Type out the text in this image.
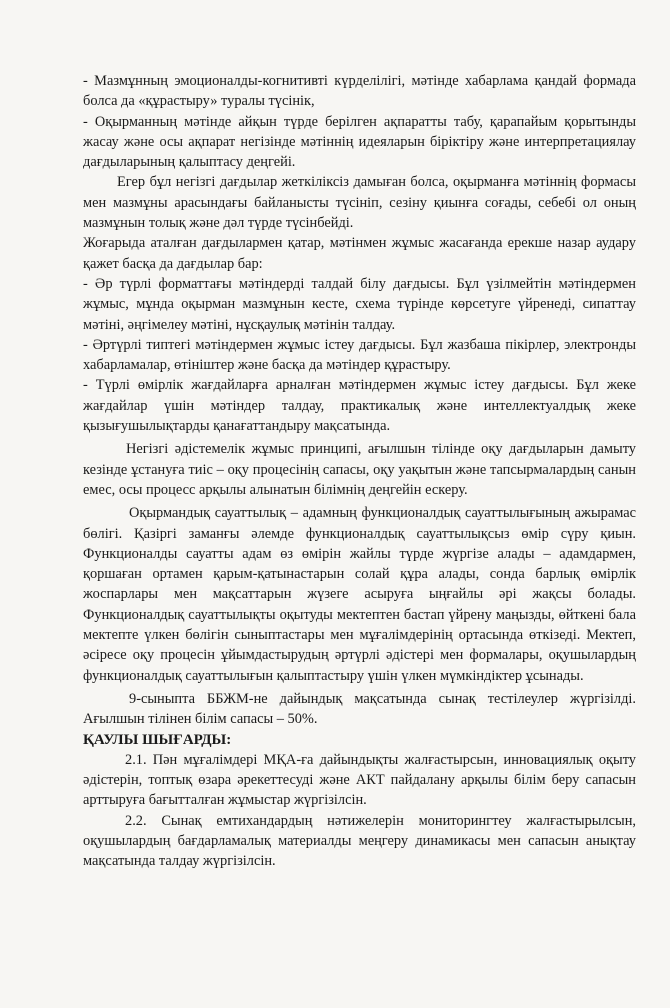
- Мазмұнның эмоционалды-когнитивті күрделілігі, мәтінде хабарлама қандай формада болса да «құрастыру» туралы түсінік,

- Оқырманның мәтінде айқын түрде берілген ақпаратты табу, қарапайым қорытынды жасау және осы ақпарат негізінде мәтіннің идеяларын біріктіру және интерпретациялау дағдыларының қалыптасу деңгейі.

Егер бұл негізгі дағдылар жеткіліксіз дамыған болса, оқырманға мәтіннің формасы мен мазмұны арасындағы байланысты түсініп, сезіну қиынға соғады, себебі ол оның мазмұнын толық және дәл түрде түсінбейді.

Жоғарыда аталған дағдылармен қатар, мәтінмен жұмыс жасағанда ерекше назар аудару қажет басқа да дағдылар бар:

- Әр түрлі форматтағы мәтіндерді талдай білу дағдысы. Бұл үзілмейтін мәтіндермен жұмыс, мұнда оқырман мазмұнын кесте, схема түрінде көрсетуге үйренеді, сипаттау мәтіні, әңгімелеу мәтіні, нұсқаулық мәтінін талдау.

- Әртүрлі типтегі мәтіндермен жұмыс істеу дағдысы. Бұл жазбаша пікірлер, электронды хабарламалар, өтініштер және басқа да мәтіндер құрастыру.

- Түрлі өмірлік жағдайларға арналған мәтіндермен жұмыс істеу дағдысы. Бұл жеке жағдайлар үшін мәтіндер талдау, практикалық және интеллектуалдық жеке қызығушылықтарды қанағаттандыру мақсатында.

Негізгі әдістемелік жұмыс принципі, ағылшын тілінде оқу дағдыларын дамыту кезінде ұстануға тиіс – оқу процесінің сапасы, оқу уақытын және тапсырмалардың санын емес, осы процесс арқылы алынатын білімнің деңгейін ескеру.

Оқырмандық сауаттылық – адамның функционалдық сауаттылығының ажырамас бөлігі. Қазіргі заманғы әлемде функционалдық сауаттылықсыз өмір сүру қиын. Функционалды сауатты адам өз өмірін жайлы түрде жүргізе алады – адамдармен, қоршаған ортамен қарым-қатынастарын солай құра алады, сонда барлық өмірлік жоспарлары мен мақсаттарын жүзеге асыруға ыңғайлы әрі жақсы болады. Функционалдық сауаттылықты оқытуды мектептен бастап үйрену маңызды, өйткені бала мектепте үлкен бөлігін сыныптастары мен мұғалімдерінің ортасында өткізеді. Мектеп, әсіресе оқу процесін ұйымдастырудың әртүрлі әдістері мен формалары, оқушылардың функционалдық сауаттылығын қалыптастыру үшін үлкен мүмкіндіктер ұсынады.

9-сыныпта ББЖМ-не дайындық мақсатында сынақ тестілеулер жүргізілді. Ағылшын тілінен білім сапасы – 50%.

ҚАУЛЫ ШЫҒАРДЫ:

2.1. Пән мұғалімдері МҚА-ға дайындықты жалғастырсын, инновациялық оқыту әдістерін, топтық өзара әрекеттесуді және АКТ пайдалану арқылы білім беру сапасын арттыруға бағытталған жұмыстар жүргізілсін.

2.2. Сынақ емтихандардың нәтижелерін мониторингтеу жалғастырылсын, оқушылардың бағдарламалық материалды меңгеру динамикасы мен сапасын анықтау мақсатында талдау жүргізілсін.
